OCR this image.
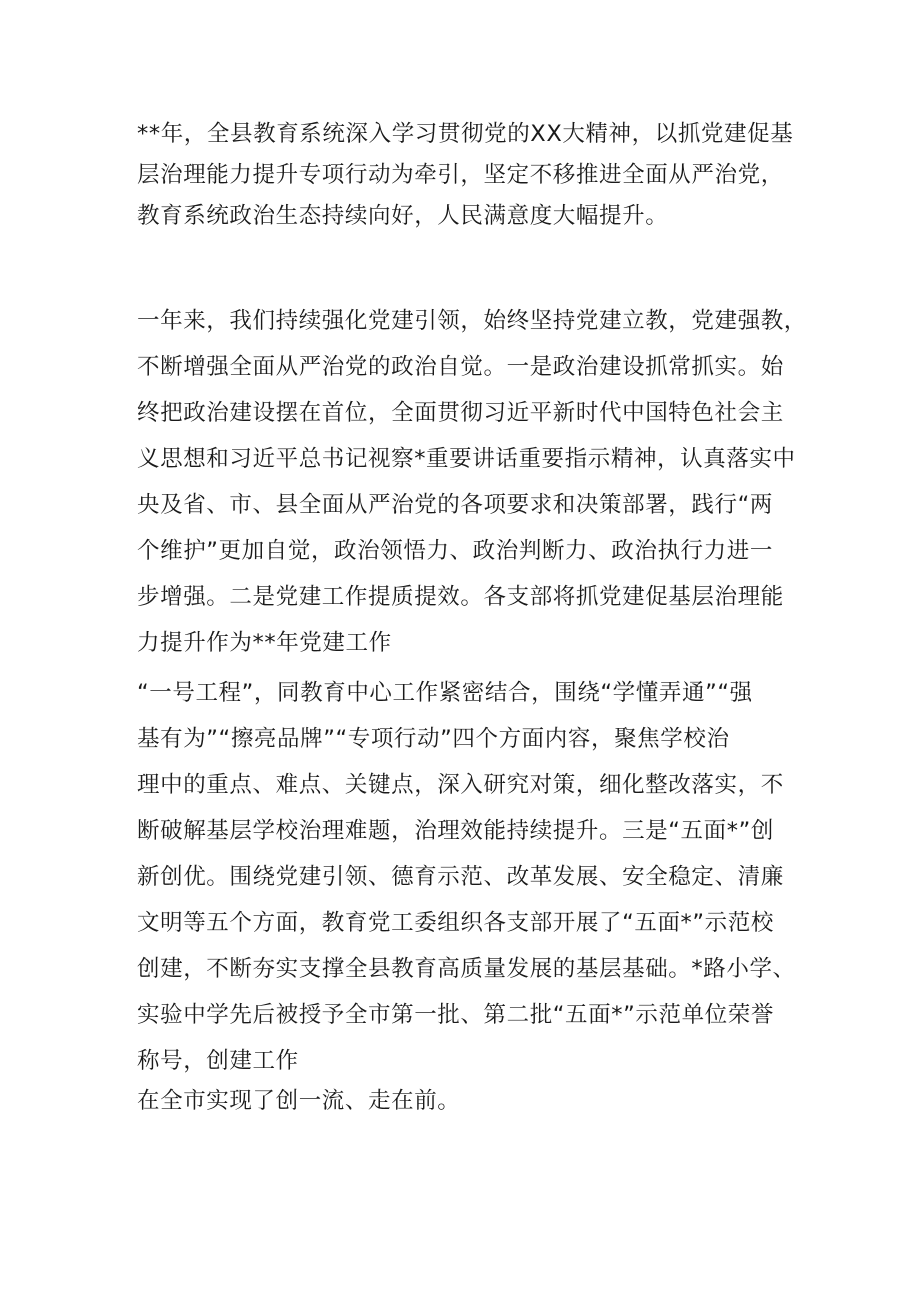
**年，全县教育系统深入学习贯彻党的XX大精神，以抓党建促基

层治理能力提升专项行动为牵引，坚定不移推进全面从严治党，

教育系统政治生态持续向好，人民满意度大幅提升。

一年来，我们持续强化党建引领，始终坚持党建立教，党建强教，

不断增强全面从严治党的政治自觉。一是政治建设抓常抓实。始

终把政治建设摆在首位，全面贯彻习近平新时代中国特色社会主

义思想和习近平总书记视察*重要讲话重要指示精神，认真落实中

央及省、市、县全面从严治党的各项要求和决策部署，践行“两

个维护”更加自觉，政治领悟力、政治判断力、政治执行力进一

步增强。二是党建工作提质提效。各支部将抓党建促基层治理能

力提升作为**年党建工作

“一号工程”，同教育中心工作紧密结合，围绕“学懂弄通”“强

基有为”“擦亮品牌”“专项行动”四个方面内容，聚焦学校治

理中的重点、难点、关键点，深入研究对策，细化整改落实，不

断破解基层学校治理难题，治理效能持续提升。三是“五面*”创

新创优。围绕党建引领、德育示范、改革发展、安全稳定、清廉

文明等五个方面，教育党工委组织各支部开展了“五面*”示范校

创建，不断夯实支撑全县教育高质量发展的基层基础。*路小学、

实验中学先后被授予全市第一批、第二批“五面*”示范单位荣誉

称号，创建工作

在全市实现了创一流、走在前。
